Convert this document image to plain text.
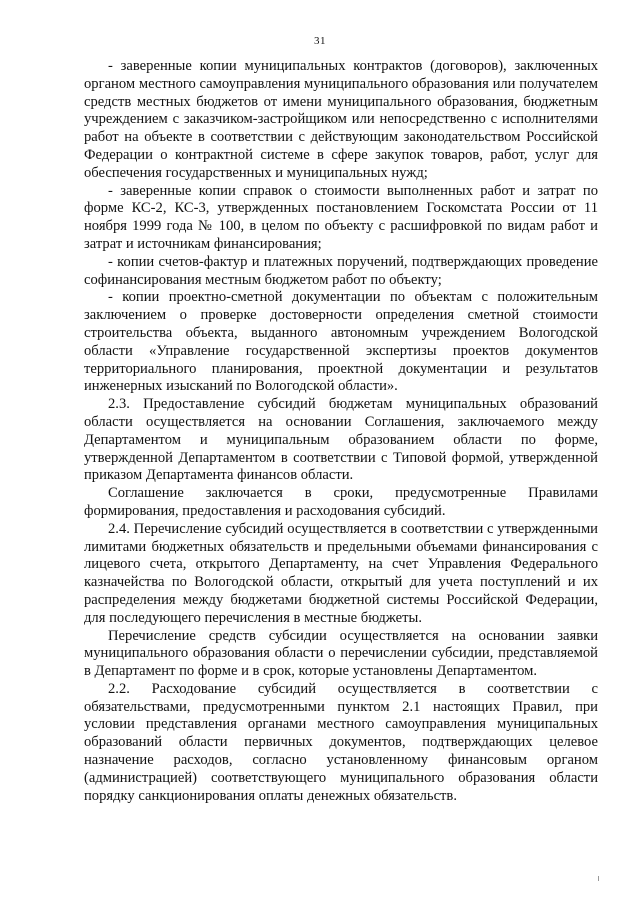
31

- заверенные копии муниципальных контрактов (договоров), заключенных органом местного самоуправления муниципального образования или получателем средств местных бюджетов от имени муниципального образования, бюджетным учреждением с заказчиком-застройщиком или непосредственно с исполнителями работ на объекте в соответствии с действующим законодательством Российской Федерации о контрактной системе в сфере закупок товаров, работ, услуг для обеспечения государственных и муниципальных нужд;

- заверенные копии справок о стоимости выполненных работ и затрат по форме КС-2, КС-3, утвержденных постановлением Госкомстата России от 11 ноября 1999 года № 100, в целом по объекту с расшифровкой по видам работ и затрат и источникам финансирования;

- копии счетов-фактур и платежных поручений, подтверждающих проведение софинансирования местным бюджетом работ по объекту;

- копии проектно-сметной документации по объектам с положительным заключением о проверке достоверности определения сметной стоимости строительства объекта, выданного автономным учреждением Вологодской области «Управление государственной экспертизы проектов документов территориального планирования, проектной документации и результатов инженерных изысканий по Вологодской области».

2.3. Предоставление субсидий бюджетам муниципальных образований области осуществляется на основании Соглашения, заключаемого между Департаментом и муниципальным образованием области по форме, утвержденной Департаментом в соответствии с Типовой формой, утвержденной приказом Департамента финансов области.

Соглашение заключается в сроки, предусмотренные Правилами формирования, предоставления и расходования субсидий.

2.4. Перечисление субсидий осуществляется в соответствии с утвержденными лимитами бюджетных обязательств и предельными объемами финансирования с лицевого счета, открытого Департаменту, на счет Управления Федерального казначейства по Вологодской области, открытый для учета поступлений и их распределения между бюджетами бюджетной системы Российской Федерации, для последующего перечисления в местные бюджеты.

Перечисление средств субсидии осуществляется на основании заявки муниципального образования области о перечислении субсидии, представляемой в Департамент по форме и в срок, которые установлены Департаментом.

2.2. Расходование субсидий осуществляется в соответствии с обязательствами, предусмотренными пунктом 2.1 настоящих Правил, при условии представления органами местного самоуправления муниципальных образований области первичных документов, подтверждающих целевое назначение расходов, согласно установленному финансовым органом (администрацией) соответствующего муниципального образования области порядку санкционирования оплаты денежных обязательств.
